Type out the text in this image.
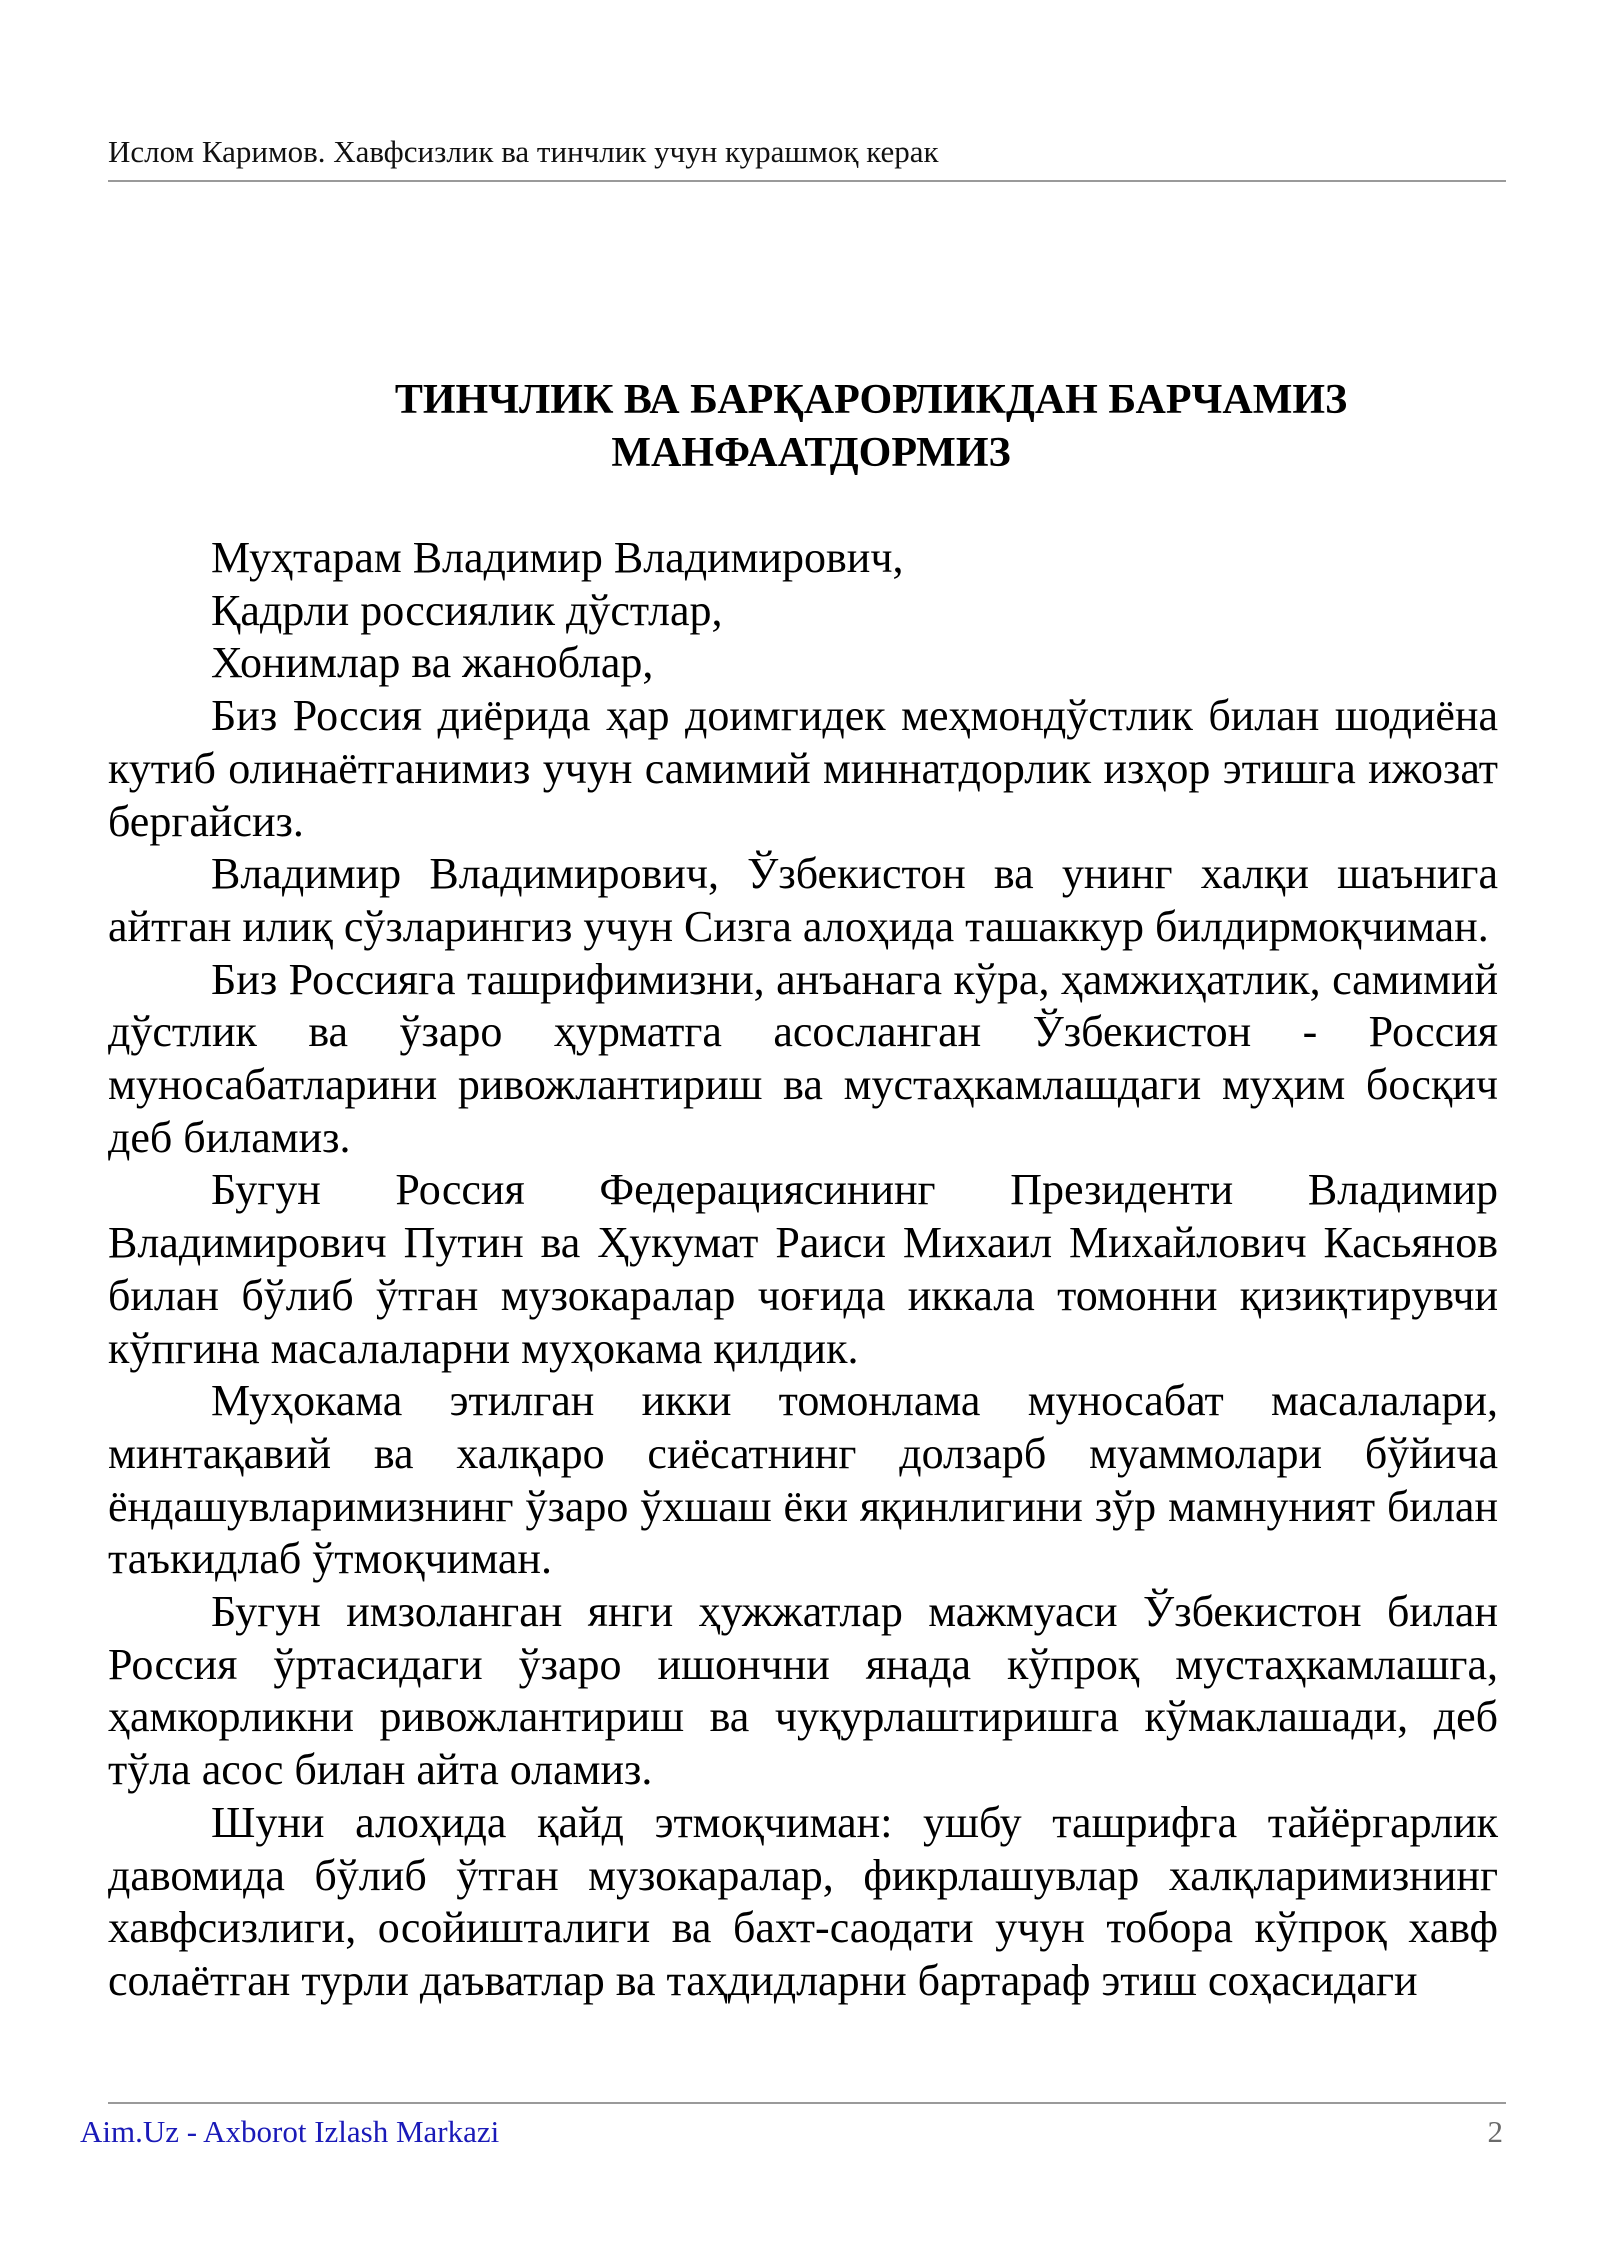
Ислом Каримов. Хавфсизлик ва тинчлик учун курашмоқ керак
ТИНЧЛИК ВА БАРҚАРОРЛИКДАН БАРЧАМИЗ
МАНФААТДОРМИЗ

Муҳтарам Владимир Владимирович,

Қадрли россиялик дўстлар,

Хонимлар ва жаноблар,

Биз Россия диёрида ҳар доимгидек меҳмондўстлик билан шодиёна кутиб олинаётганимиз учун самимий миннатдорлик изҳор этишга ижозат бергайсиз.

Владимир Владимирович, Ўзбекистон ва унинг халқи шаънига айтган илиқ сўзларингиз учун Сизга алоҳида ташаккур билдирмоқчиман.

Биз Россияга ташрифимизни, анъанага кўра, ҳамжиҳатлик, самимий дўстлик ва ўзаро ҳурматга асосланган Ўзбекистон - Россия муносабатларини ривожлантириш ва мустаҳкамлашдаги муҳим босқич деб биламиз.

Бугун Россия Федерациясининг Президенти Владимир Владимирович Путин ва Ҳукумат Раиси Михаил Михайлович Касьянов билан бўлиб ўтган музокаралар чоғида иккала томонни қизиқтирувчи кўпгина масалаларни муҳокама қилдик.

Муҳокама этилган икки томонлама муносабат масалалари, минтақавий ва халқаро сиёсатнинг долзарб муаммолари бўйича ёндашувларимизнинг ўзаро ўхшаш ёки яқинлигини зўр мамнуният билан таъкидлаб ўтмоқчиман.

Бугун имзоланган янги ҳужжатлар мажмуаси Ўзбекистон билан Россия ўртасидаги ўзаро ишончни янада кўпроқ мустаҳкамлашга, ҳамкорликни ривожлантириш ва чуқурлаштиришга кўмаклашади, деб тўла асос билан айта оламиз.

Шуни алоҳида қайд этмоқчиман: ушбу ташрифга тайёргарлик давомида бўлиб ўтган музокаралар, фикрлашувлар халқларимизнинг хавфсизлиги, осойишталиги ва бахт-саодати учун тобора кўпроқ хавф солаётган турли даъватлар ва таҳдидларни бартараф этиш соҳасидаги

Aim.Uz - Axborot Izlash Markazi	2
